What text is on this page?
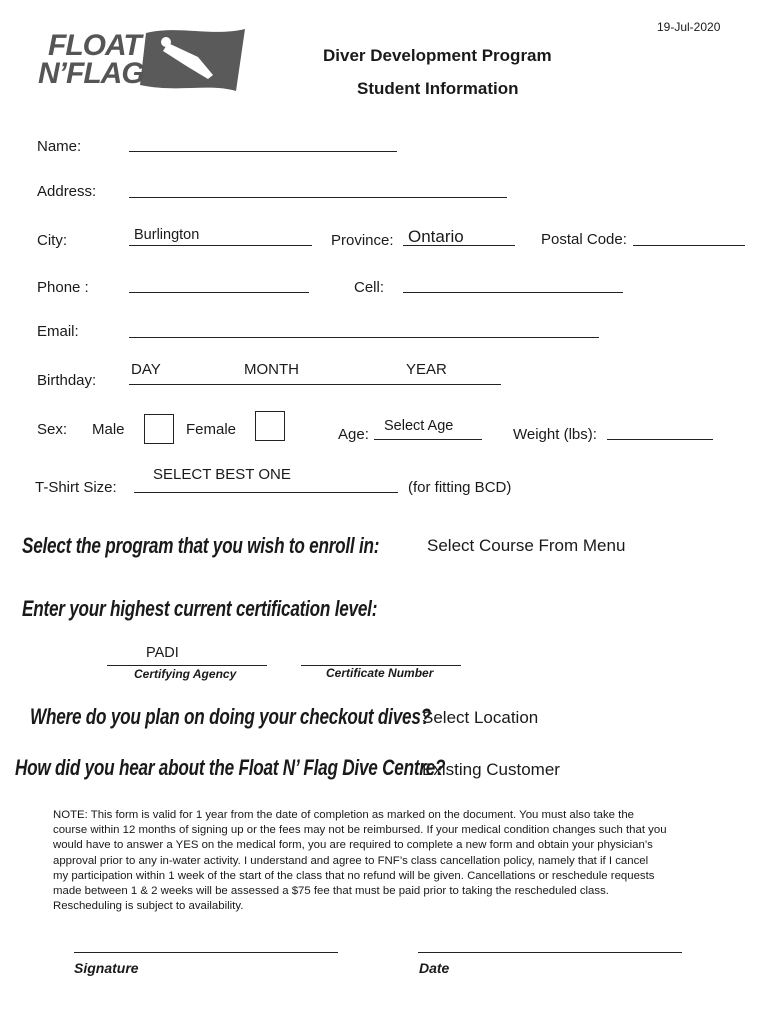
19-Jul-2020
FLOAT
N’FLAG
Diver Development Program
Student Information
Name:
Address:
City:	Burlington	Province: Ontario	Postal Code:
Phone :	Cell:
Email:
Birthday:
DAY	MONTH	YEAR
Sex: Male	Female	Age: Select Age	Weight (lbs):
T-Shirt Size:
SELECT BEST ONE
(for fitting BCD)
Select the program that you wish to enroll in:	Select Course From Menu
Enter your highest current certification level:
PADI
Certifying Agency	Certificate Number
Where do you plan on doing your checkout dives?
Select Location
How did you hear about the Float N’ Flag Dive Centre?
Existing Customer
NOTE: This form is valid for 1 year from the date of completion as marked on the document. You must also take the
course within 12 months of signing up or the fees may not be reimbursed. If your medical condition changes such that you
would have to answer a YES on the medical form, you are required to complete a new form and obtain your physician’s
approval prior to any in-water activity. I understand and agree to FNF’s class cancellation policy, namely that if I cancel
my participation within 1 week of the start of the class that no refund will be given. Cancellations or reschedule requests
made between 1 & 2 weeks will be assessed a $75 fee that must be paid prior to taking the rescheduled class.
Rescheduling is subject to availability.
Signature	Date
